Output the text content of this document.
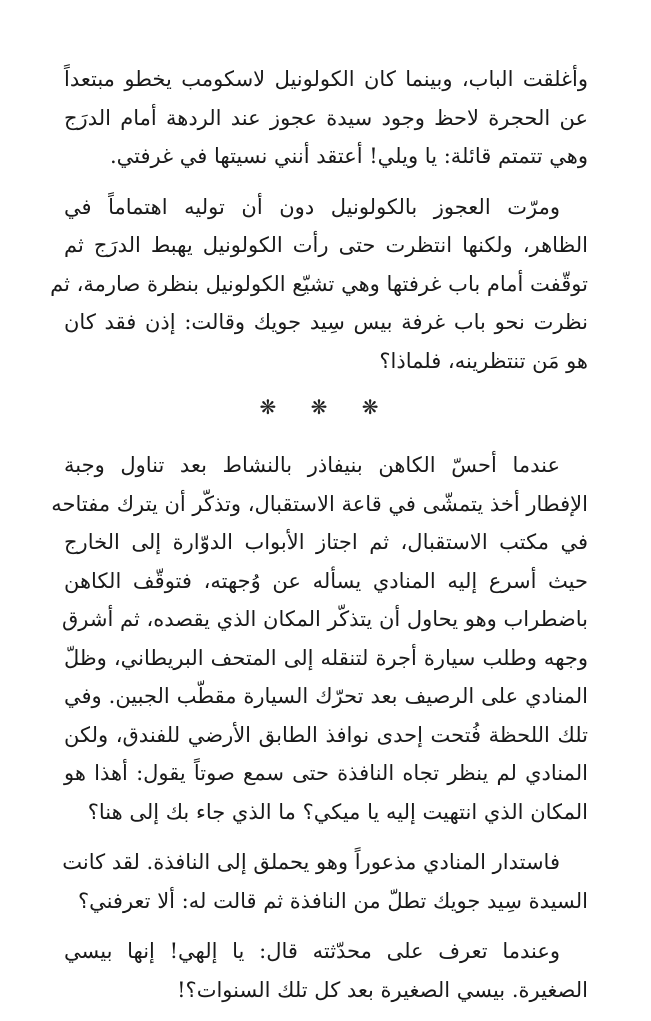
وأغلقت الباب، وبينما كان الكولونيل لاسكومب يخطو مبتعداً
عن الحجرة لاحظ وجود سيدة عجوز عند الردهة أمام الدرَج
وهي تتمتم قائلة: يا ويلي! أعتقد أنني نسيتها في غرفتي.

ومرّت العجوز بالكولونيل دون أن توليه اهتماماً في
الظاهر، ولكنها انتظرت حتى رأت الكولونيل يهبط الدرَج ثم
توقّفت أمام باب غرفتها وهي تشيّع الكولونيل بنظرة صارمة، ثم
نظرت نحو باب غرفة بيس سِيد جويك وقالت: إذن فقد كان
هو مَن تنتظرينه، فلماذا؟

❋ ❋ ❋

عندما أحسّ الكاهن بنيفاذر بالنشاط بعد تناول وجبة
الإفطار أخذ يتمشّى في قاعة الاستقبال، وتذكّر أن يترك مفتاحه
في مكتب الاستقبال، ثم اجتاز الأبواب الدوّارة إلى الخارج
حيث أسرع إليه المنادي يسأله عن وُجهته، فتوقّف الكاهن
باضطراب وهو يحاول أن يتذكّر المكان الذي يقصده، ثم أشرق
وجهه وطلب سيارة أجرة لتنقله إلى المتحف البريطاني، وظلّ
المنادي على الرصيف بعد تحرّك السيارة مقطّب الجبين. وفي
تلك اللحظة فُتحت إحدى نوافذ الطابق الأرضي للفندق، ولكن
المنادي لم ينظر تجاه النافذة حتى سمع صوتاً يقول: أهذا هو
المكان الذي انتهيت إليه يا ميكي؟ ما الذي جاء بك إلى هنا؟

فاستدار المنادي مذعوراً وهو يحملق إلى النافذة. لقد كانت
السيدة سِيد جويك تطلّ من النافذة ثم قالت له: ألا تعرفني؟

وعندما تعرف على محدّثته قال: يا إلهي! إنها بيسي
الصغيرة. بيسي الصغيرة بعد كل تلك السنوات؟!
